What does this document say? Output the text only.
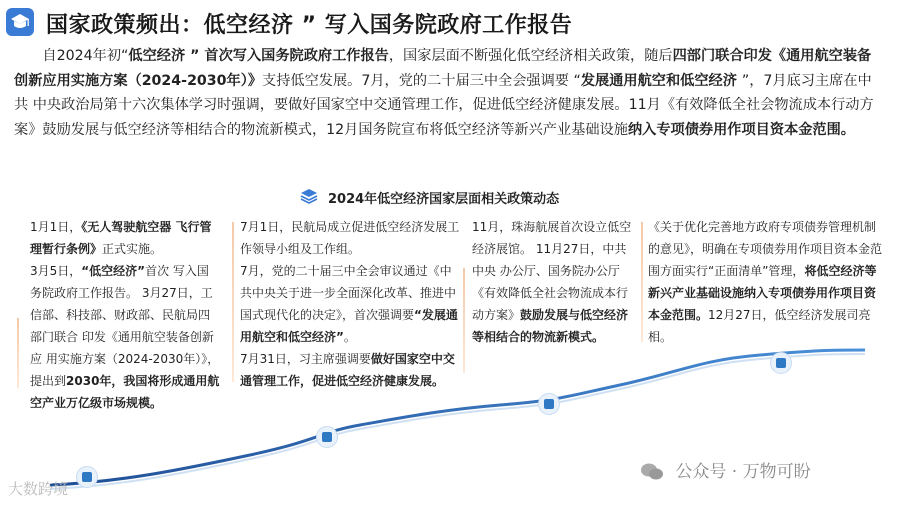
国家政策频出：低空经济 ” 写入国务院政府工作报告
自2024年初“低空经济 ” 首次写入国务院政府工作报告，国家层面不断强化低空经济相关政策，随后四部门联合印发《通用航空装备创新应用实施方案（2024-2030年）》支持低空发展。7月，党的二十届三中全会强调要 “发展通用航空和低空经济 ”，7月底习主席在中共 中央政治局第十六次集体学习时强调，要做好国家空中交通管理工作，促进低空经济健康发展。11月《有效降低全社会物流成本行动方案》鼓励发展与低空经济等相结合的物流新模式，12月国务院宣布将低空经济等新兴产业基础设施纳入专项债券用作项目资本金范围。
2024年低空经济国家层面相关政策动态

1月1日，《无人驾驶航空器 飞行管理暂行条例》正式实施。

3月5日，“低空经济”首次 写入国务院政府工作报告。 3月27日，工信部、科技部、财政部、民航局四部门联合 印发《通用航空装备创新应 用实施方案（2024-2030年）》，提出到2030年，我国将形成通用航空产业万亿级市场规模。

7月1日，民航局成立促进低空经济发展工作领导小组及工作组。

7月，党的二十届三中全会审议通过《中共中央关于进一步全面深化改革、推进中国式现代化的决定》，首次强调要“发展通用航空和低空经济”。

7月31日，习主席强调要做好国家空中交通管理工作，促进低空经济健康发展。

11月，珠海航展首次设立低空经济展馆。 11月27日，中共中央 办公厅、国务院办公厅《有效降低全社会物流成本行动方案》鼓励发展与低空经济 等相结合的物流新模式。

《关于优化完善地方政府专项债券管理机制的意见》，明确在专项债券用作项目资本金范围方面实行“正面清单”管理，将低空经济等新兴产业基础设施纳入专项债券用作项目资本金范围。12月27日，低空经济发展司亮相。

大数跨境
公众号 · 万物可盼
